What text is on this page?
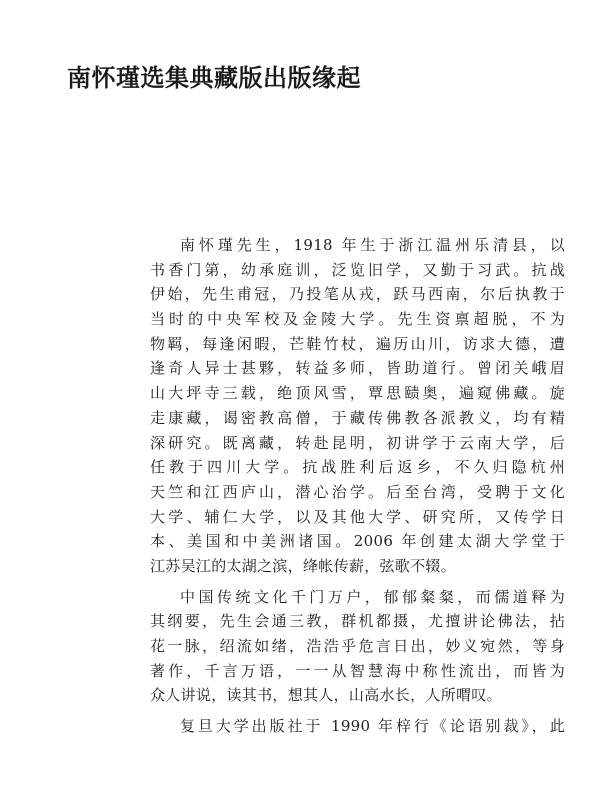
南怀瑾选集典藏版出版缘起
南怀瑾先生，1918 年生于浙江温州乐清县，以
书香门第，幼承庭训，泛览旧学，又勤于习武。抗战
伊始，先生甫冠，乃投笔从戎，跃马西南，尔后执教于
当时的中央军校及金陵大学。先生资禀超脱，不为
物羁，每逢闲暇，芒鞋竹杖，遍历山川，访求大德，遭
逢奇人异士甚夥，转益多师，皆助道行。曾闭关峨眉
山大坪寺三载，绝顶风雪，覃思赜奥，遍窥佛藏。旋
走康藏，谒密教高僧，于藏传佛教各派教义，均有精
深研究。既离藏，转赴昆明，初讲学于云南大学，后
任教于四川大学。抗战胜利后返乡，不久归隐杭州
天竺和江西庐山，潜心治学。后至台湾，受聘于文化
大学、辅仁大学，以及其他大学、研究所，又传学日
本、美国和中美洲诸国。2006 年创建太湖大学堂于
江苏吴江的太湖之滨，绛帐传薪，弦歌不辍。
中国传统文化千门万户，郁郁粲粲，而儒道释为
其纲要，先生会通三教，群机都摄，尤擅讲论佛法，拈
花一脉，绍流如绪，浩浩乎危言日出，妙义宛然，等身
著作，千言万语，一一从智慧海中称性流出，而皆为
众人讲说，读其书，想其人，山高水长，人所喟叹。
复旦大学出版社于 1990 年梓行《论语别裁》，此
